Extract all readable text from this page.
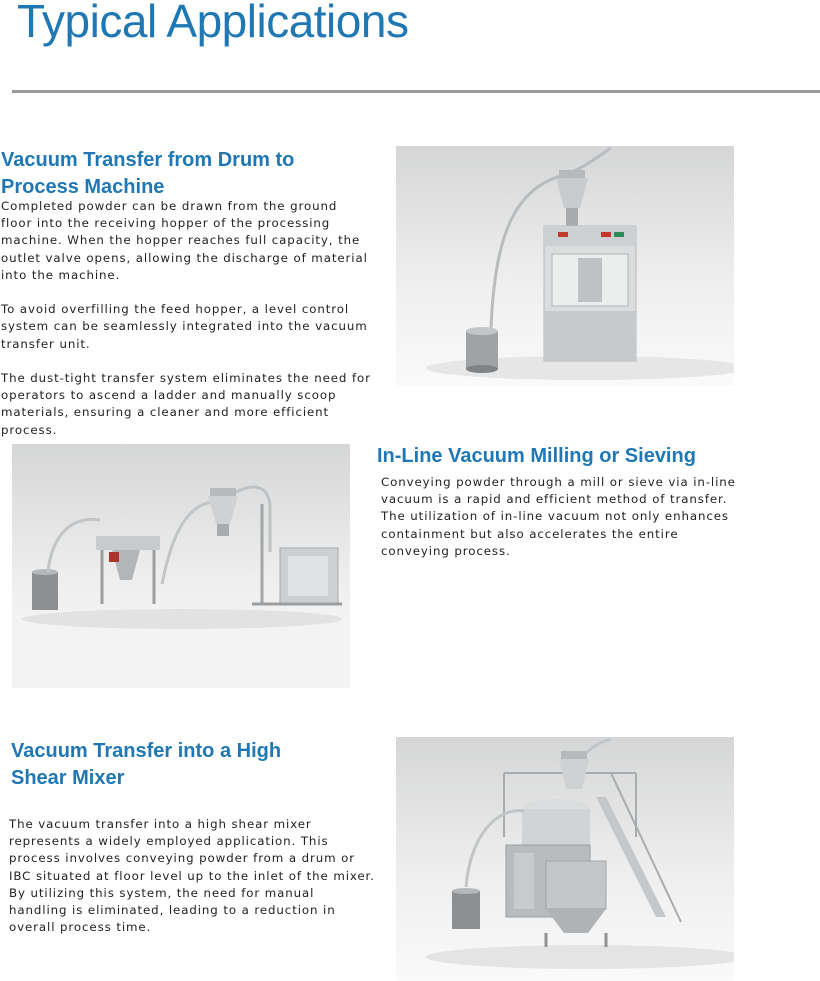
Typical Applications
Vacuum Transfer from Drum to
Process Machine

Completed powder can be drawn from the ground
floor into the receiving hopper of the processing
machine. When the hopper reaches full capacity, the
outlet valve opens, allowing the discharge of material
into the machine.

To avoid overfilling the feed hopper, a level control
system can be seamlessly integrated into the vacuum
transfer unit.

The dust-tight transfer system eliminates the need for
operators to ascend a ladder and manually scoop
materials, ensuring a cleaner and more efficient
process.

In-Line Vacuum Milling or Sieving

Conveying powder through a mill or sieve via in-line
vacuum is a rapid and efficient method of transfer.
The utilization of in-line vacuum not only enhances
containment but also accelerates the entire
conveying process.

Vacuum Transfer into a High
Shear Mixer

The vacuum transfer into a high shear mixer
represents a widely employed application. This
process involves conveying powder from a drum or
IBC situated at floor level up to the inlet of the mixer.
By utilizing this system, the need for manual
handling is eliminated, leading to a reduction in
overall process time.
